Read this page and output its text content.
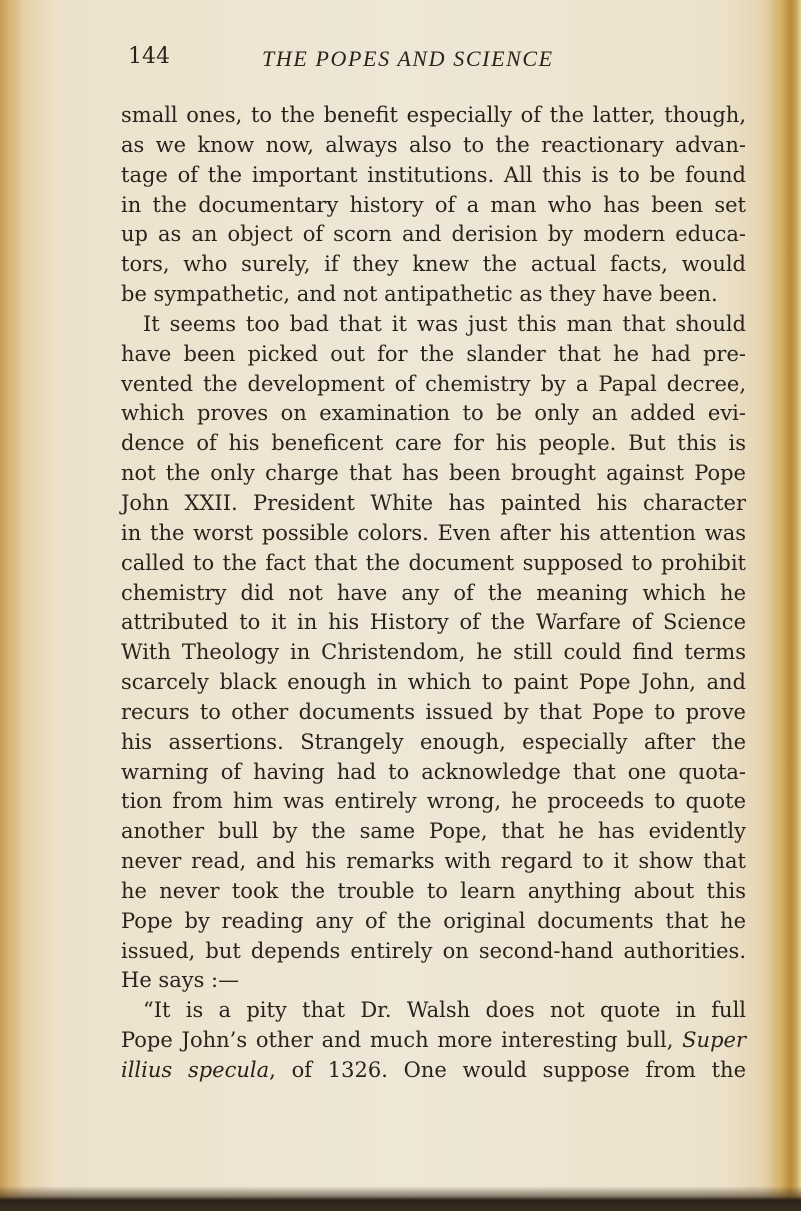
144	THE POPES AND SCIENCE
small ones, to the benefit especially of the latter, though,
as we know now, always also to the reactionary advan-
tage of the important institutions. All this is to be found
in the documentary history of a man who has been set
up as an object of scorn and derision by modern educa-
tors, who surely, if they knew the actual facts, would
be sympathetic, and not antipathetic as they have been.
It seems too bad that it was just this man that should
have been picked out for the slander that he had pre-
vented the development of chemistry by a Papal decree,
which proves on examination to be only an added evi-
dence of his beneficent care for his people. But this is
not the only charge that has been brought against Pope
John XXII. President White has painted his character
in the worst possible colors. Even after his attention was
called to the fact that the document supposed to prohibit
chemistry did not have any of the meaning which he
attributed to it in his History of the Warfare of Science
With Theology in Christendom, he still could find terms
scarcely black enough in which to paint Pope John, and
recurs to other documents issued by that Pope to prove
his assertions. Strangely enough, especially after the
warning of having had to acknowledge that one quota-
tion from him was entirely wrong, he proceeds to quote
another bull by the same Pope, that he has evidently
never read, and his remarks with regard to it show that
he never took the trouble to learn anything about this
Pope by reading any of the original documents that he
issued, but depends entirely on second-hand authorities.
He says :—
“It is a pity that Dr. Walsh does not quote in full
Pope John’s other and much more interesting bull, Super
illius specula, of 1326. One would suppose from the
